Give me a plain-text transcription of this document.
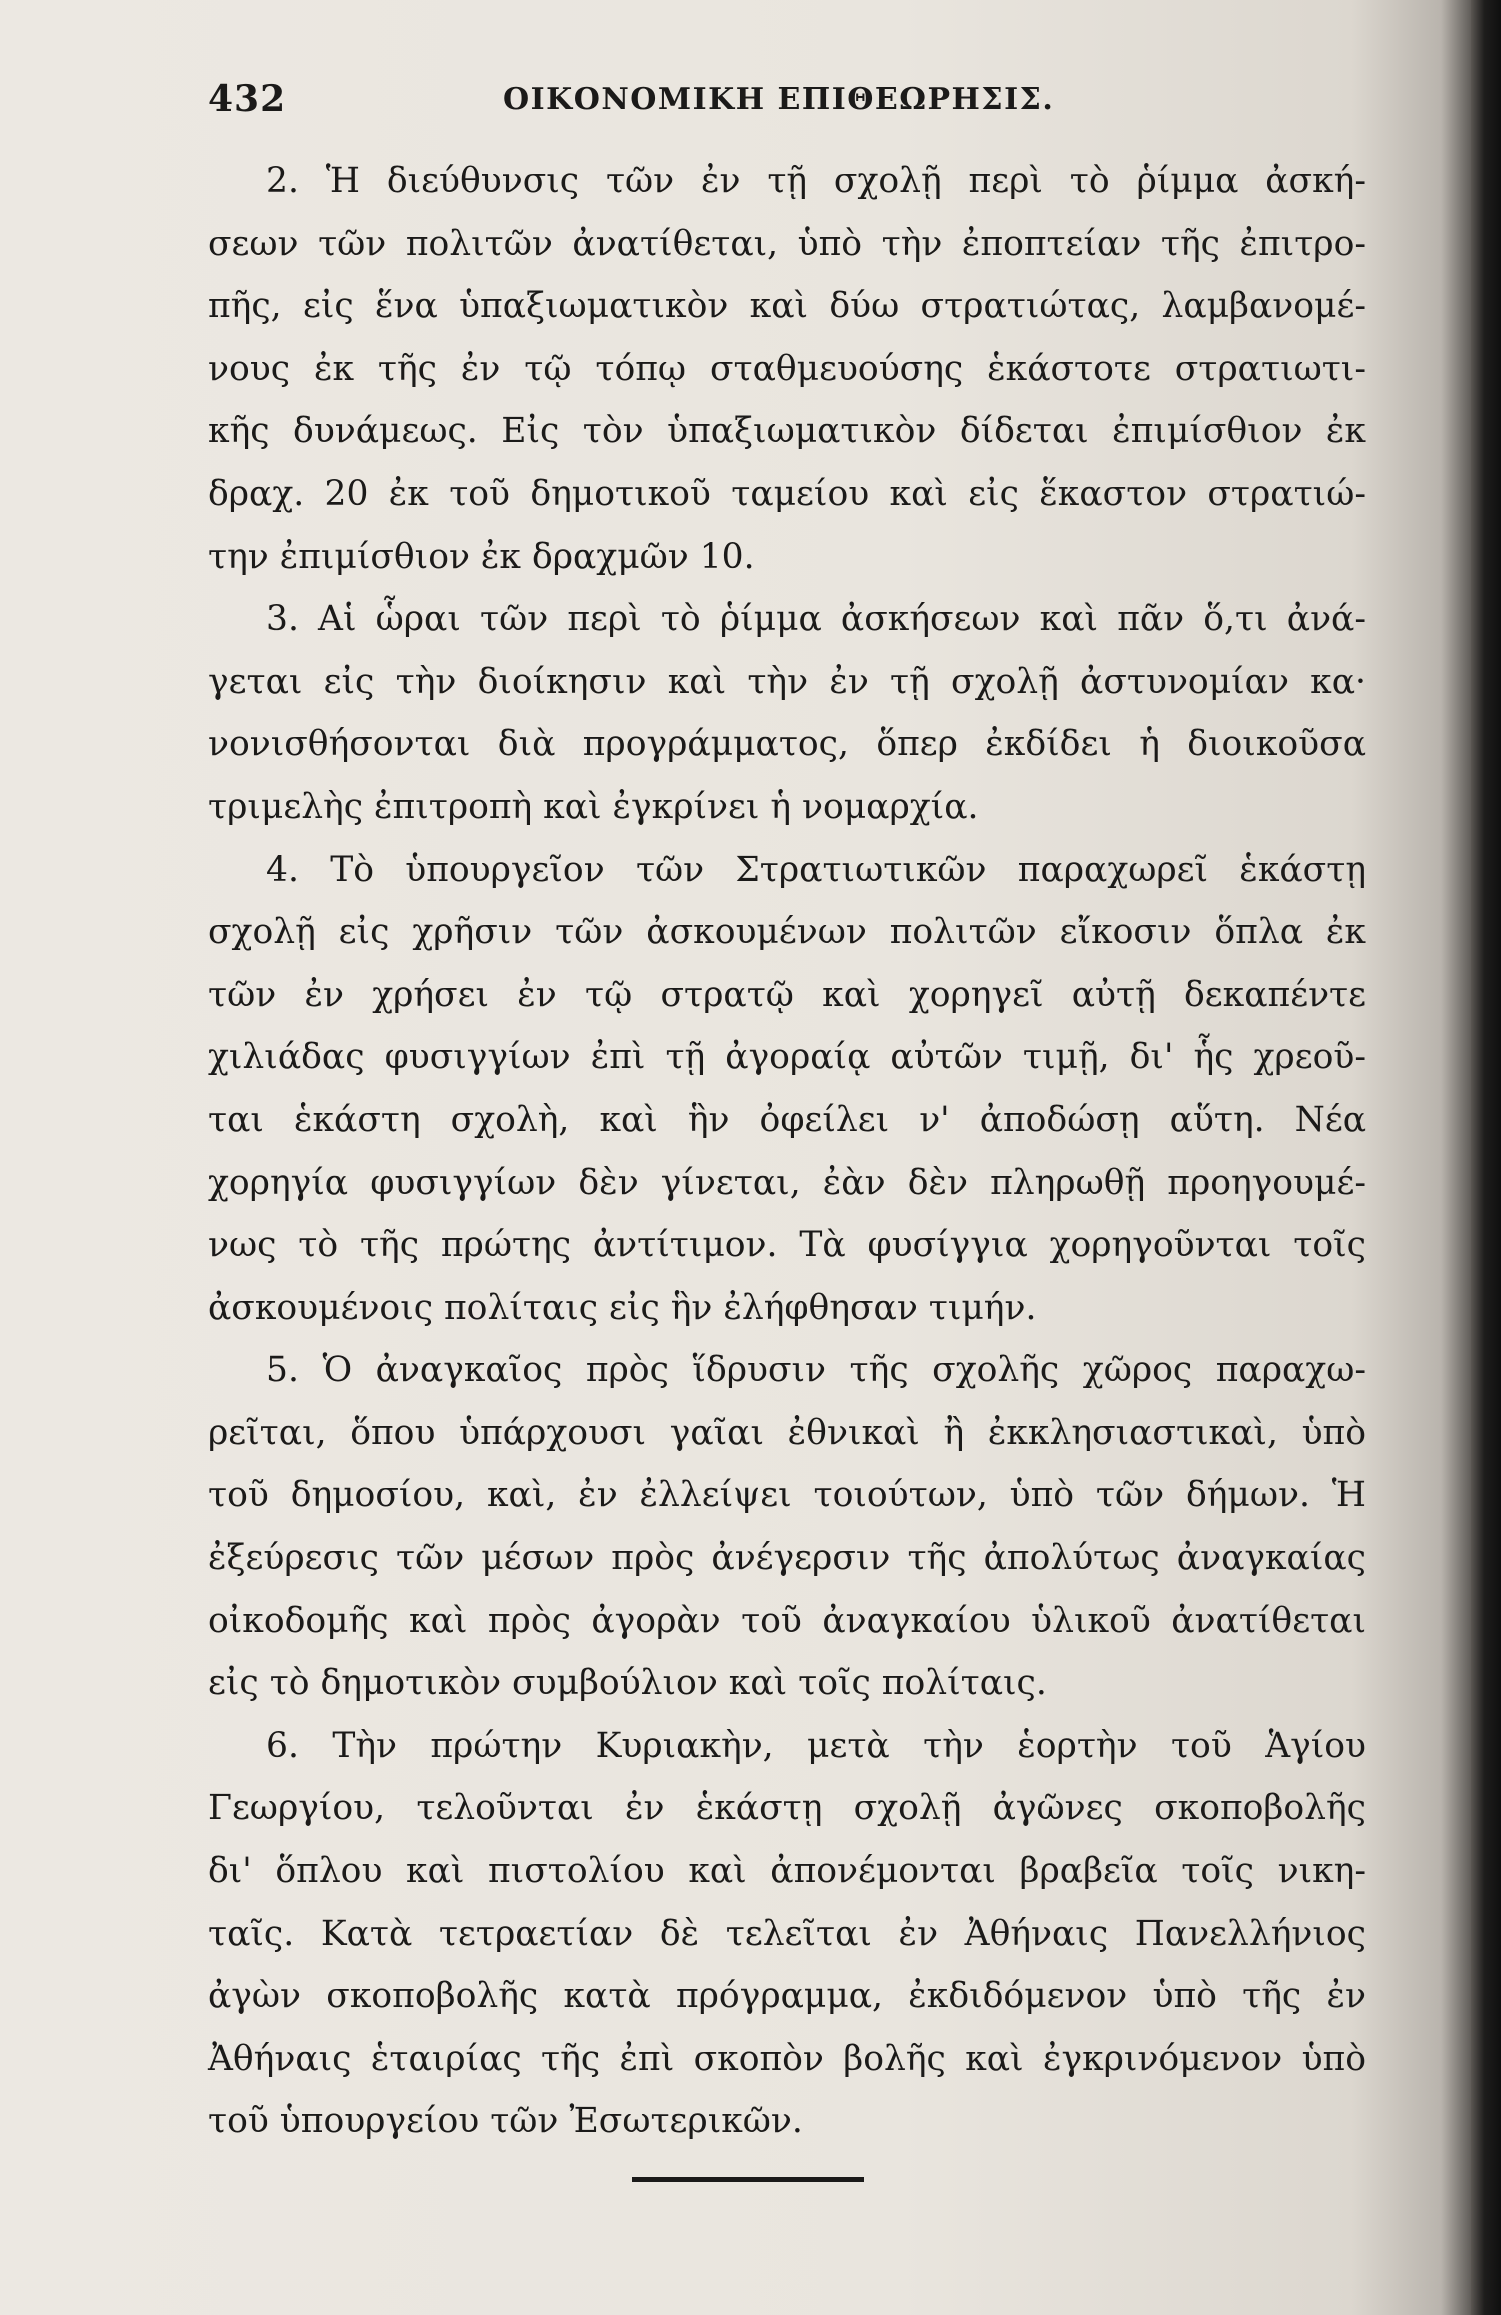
432	ΟΙΚΟΝΟΜΙΚΗ ΕΠΙΘΕΩΡΗΣΙΣ.
2. Ἡ διεύθυνσις τῶν ἐν τῇ σχολῇ περὶ τὸ ῥίμμα ἀσκή-
σεων τῶν πολιτῶν ἀνατίθεται, ὑπὸ τὴν ἐποπτείαν τῆς ἐπιτρο-
πῆς, εἰς ἕνα ὑπαξιωματικὸν καὶ δύω στρατιώτας, λαμβανομέ-
νους ἐκ τῆς ἐν τῷ τόπῳ σταθμευούσης ἑκάστοτε στρατιωτι-
κῆς δυνάμεως. Εἰς τὸν ὑπαξιωματικὸν δίδεται ἐπιμίσθιον ἐκ
δραχ. 20 ἐκ τοῦ δημοτικοῦ ταμείου καὶ εἰς ἕκαστον στρατιώ-
την ἐπιμίσθιον ἐκ δραχμῶν 10.
3. Αἱ ὧραι τῶν περὶ τὸ ῥίμμα ἀσκήσεων καὶ πᾶν ὅ,τι ἀνά-
γεται εἰς τὴν διοίκησιν καὶ τὴν ἐν τῇ σχολῇ ἀστυνομίαν κα·
νονισθήσονται διὰ προγράμματος, ὅπερ ἐκδίδει ἡ διοικοῦσα
τριμελὴς ἐπιτροπὴ καὶ ἐγκρίνει ἡ νομαρχία.
4. Τὸ ὑπουργεῖον τῶν Στρατιωτικῶν παραχωρεῖ ἑκάστῃ
σχολῇ εἰς χρῆσιν τῶν ἀσκουμένων πολιτῶν εἴκοσιν ὅπλα ἐκ
τῶν ἐν χρήσει ἐν τῷ στρατῷ καὶ χορηγεῖ αὐτῇ δεκαπέντε
χιλιάδας φυσιγγίων ἐπὶ τῇ ἀγοραίᾳ αὐτῶν τιμῇ, δι' ἧς χρεοῦ-
ται ἑκάστη σχολὴ, καὶ ἣν ὀφείλει ν' ἀποδώσῃ αὕτη. Νέα
χορηγία φυσιγγίων δὲν γίνεται, ἐὰν δὲν πληρωθῇ προηγουμέ-
νως τὸ τῆς πρώτης ἀντίτιμον. Τὰ φυσίγγια χορηγοῦνται τοῖς
ἀσκουμένοις πολίταις εἰς ἣν ἐλήφθησαν τιμήν.
5. Ὁ ἀναγκαῖος πρὸς ἵδρυσιν τῆς σχολῆς χῶρος παραχω-
ρεῖται, ὅπου ὑπάρχουσι γαῖαι ἐθνικαὶ ἢ ἐκκλησιαστικαὶ, ὑπὸ
τοῦ δημοσίου, καὶ, ἐν ἐλλείψει τοιούτων, ὑπὸ τῶν δήμων. Ἡ
ἐξεύρεσις τῶν μέσων πρὸς ἀνέγερσιν τῆς ἀπολύτως ἀναγκαίας
οἰκοδομῆς καὶ πρὸς ἀγορὰν τοῦ ἀναγκαίου ὑλικοῦ ἀνατίθεται
εἰς τὸ δημοτικὸν συμβούλιον καὶ τοῖς πολίταις.
6. Τὴν πρώτην Κυριακὴν, μετὰ τὴν ἑορτὴν τοῦ Ἁγίου
Γεωργίου, τελοῦνται ἐν ἑκάστῃ σχολῇ ἀγῶνες σκοποβολῆς
δι' ὅπλου καὶ πιστολίου καὶ ἀπονέμονται βραβεῖα τοῖς νικη-
ταῖς. Κατὰ τετραετίαν δὲ τελεῖται ἐν Ἀθήναις Πανελλήνιος
ἀγὼν σκοποβολῆς κατὰ πρόγραμμα, ἐκδιδόμενον ὑπὸ τῆς ἐν
Ἀθήναις ἑταιρίας τῆς ἐπὶ σκοπὸν βολῆς καὶ ἐγκρινόμενον ὑπὸ
τοῦ ὑπουργείου τῶν Ἐσωτερικῶν.
